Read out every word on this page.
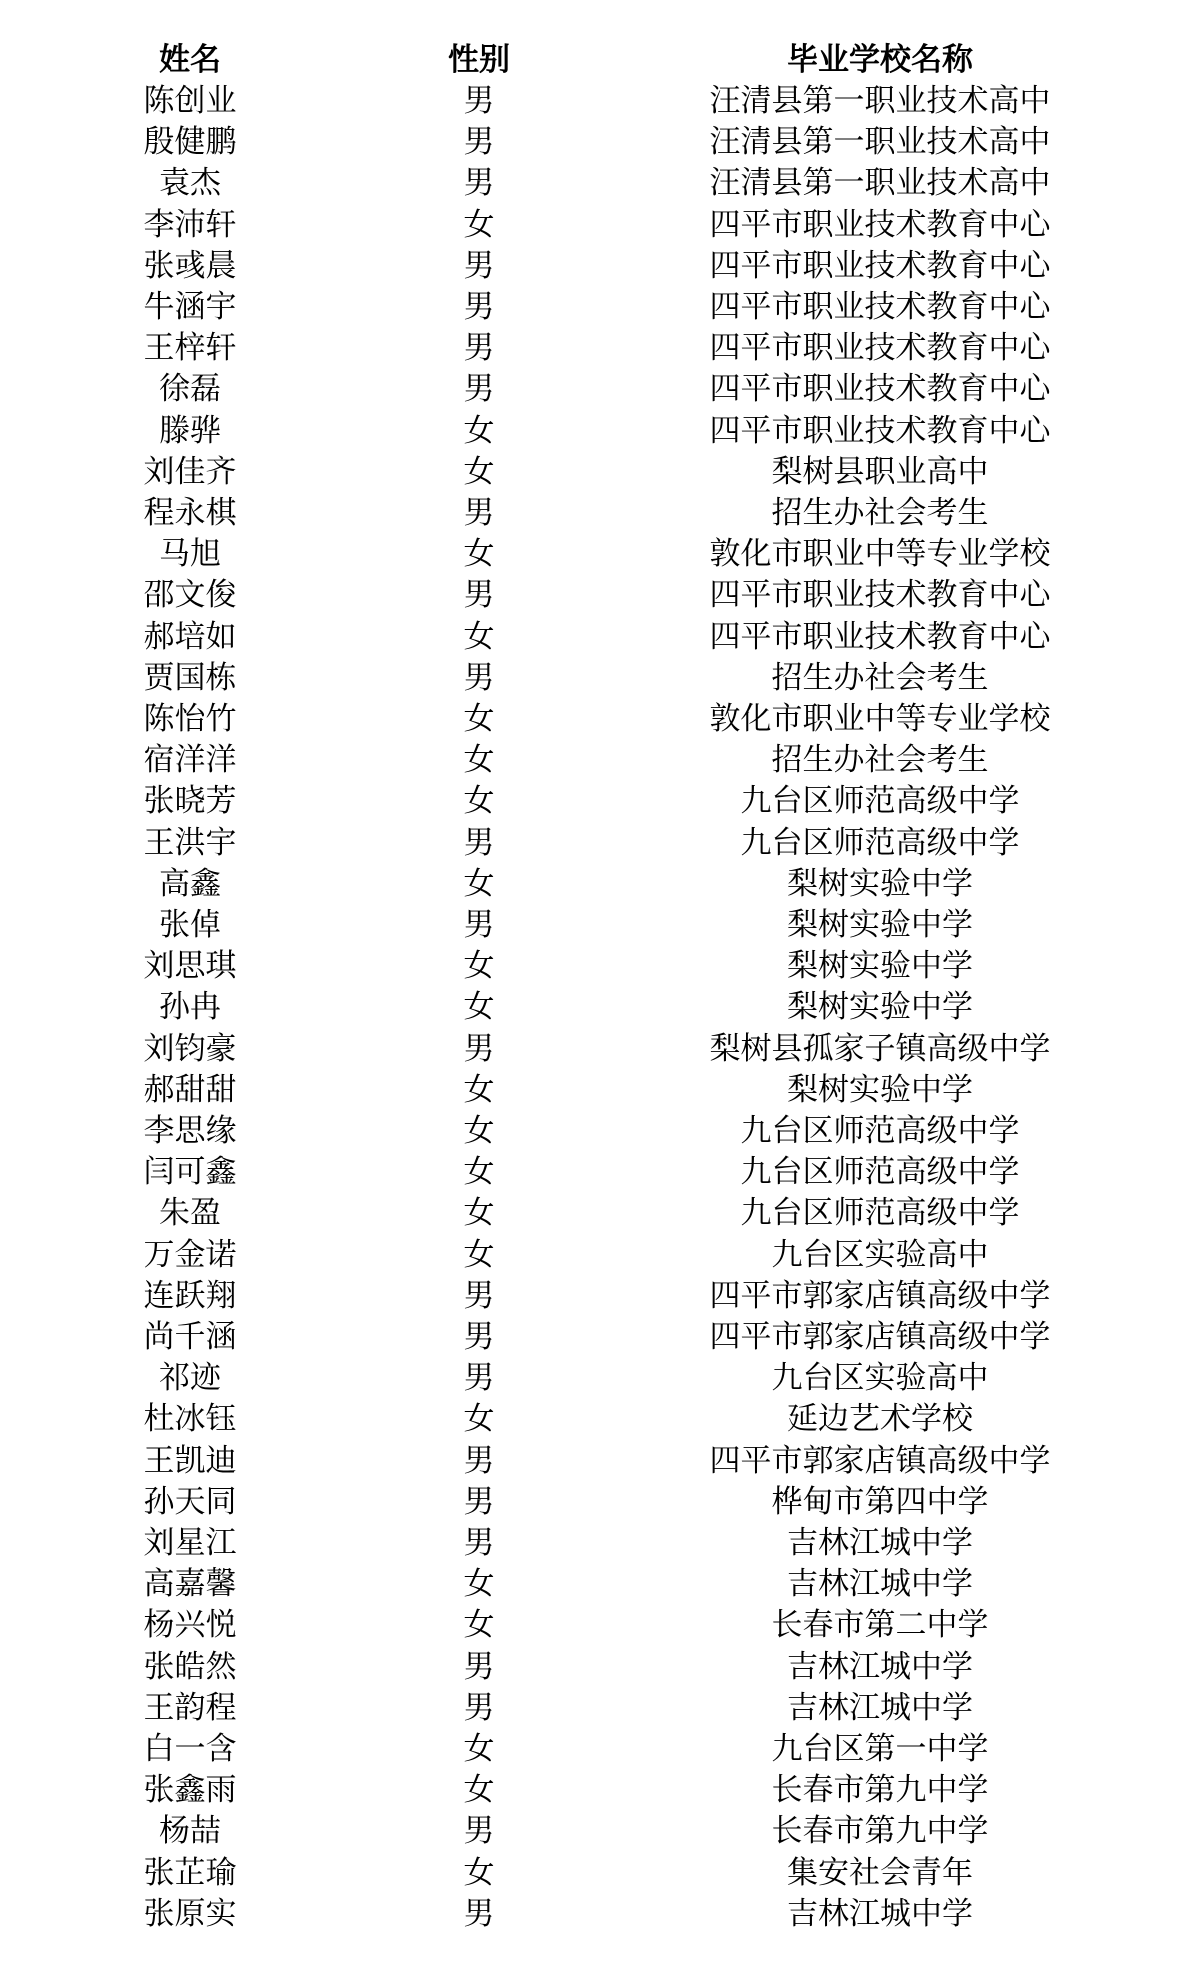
姓名	性别	毕业学校名称
陈创业	男	汪清县第一职业技术高中
殷健鹏	男	汪清县第一职业技术高中
袁杰	男	汪清县第一职业技术高中
李沛轩	女	四平市职业技术教育中心
张彧晨	男	四平市职业技术教育中心
牛涵宇	男	四平市职业技术教育中心
王梓轩	男	四平市职业技术教育中心
徐磊	男	四平市职业技术教育中心
滕骅	女	四平市职业技术教育中心
刘佳齐	女	梨树县职业高中
程永棋	男	招生办社会考生
马旭	女	敦化市职业中等专业学校
邵文俊	男	四平市职业技术教育中心
郝培如	女	四平市职业技术教育中心
贾国栋	男	招生办社会考生
陈怡竹	女	敦化市职业中等专业学校
宿洋洋	女	招生办社会考生
张晓芳	女	九台区师范高级中学
王洪宇	男	九台区师范高级中学
高鑫	女	梨树实验中学
张倬	男	梨树实验中学
刘思琪	女	梨树实验中学
孙冉	女	梨树实验中学
刘钧豪	男	梨树县孤家子镇高级中学
郝甜甜	女	梨树实验中学
李思缘	女	九台区师范高级中学
闫可鑫	女	九台区师范高级中学
朱盈	女	九台区师范高级中学
万金诺	女	九台区实验高中
连跃翔	男	四平市郭家店镇高级中学
尚千涵	男	四平市郭家店镇高级中学
祁迹	男	九台区实验高中
杜冰钰	女	延边艺术学校
王凯迪	男	四平市郭家店镇高级中学
孙天同	男	桦甸市第四中学
刘星江	男	吉林江城中学
高嘉馨	女	吉林江城中学
杨兴悦	女	长春市第二中学
张皓然	男	吉林江城中学
王韵程	男	吉林江城中学
白一含	女	九台区第一中学
张鑫雨	女	长春市第九中学
杨喆	男	长春市第九中学
张芷瑜	女	集安社会青年
张原实	男	吉林江城中学
